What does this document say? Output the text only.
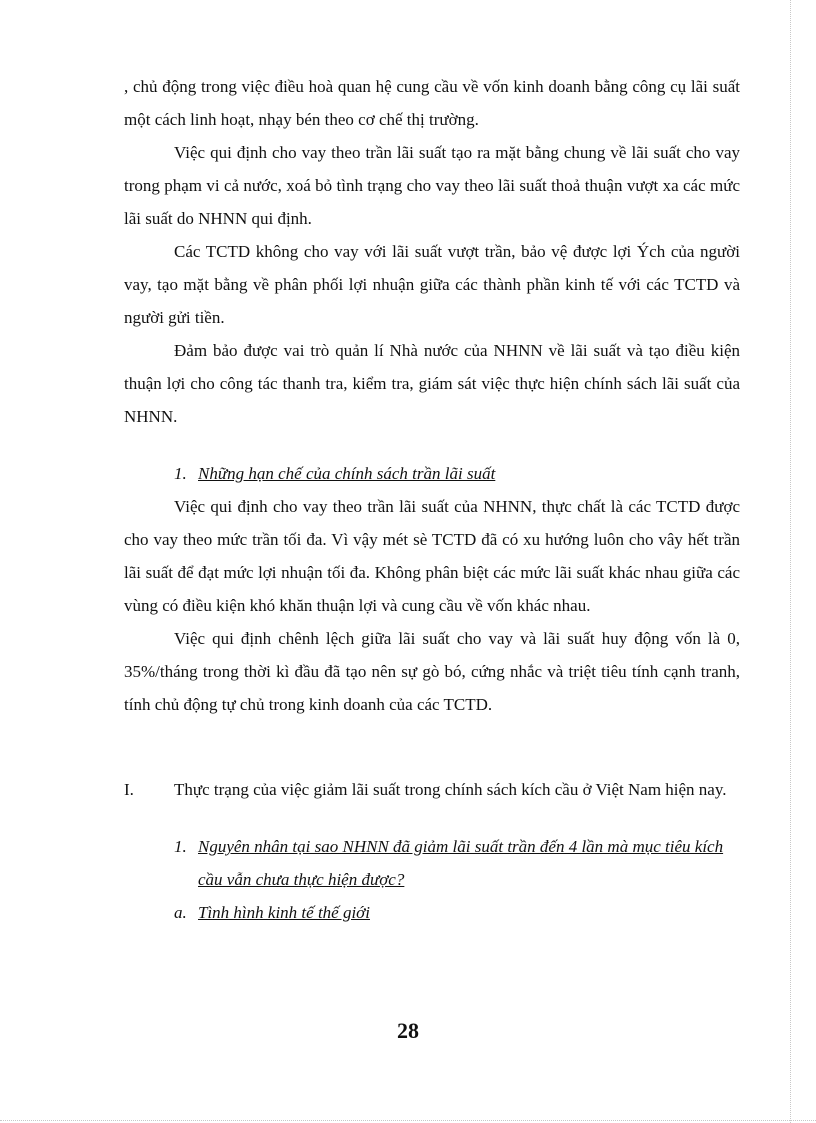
, chủ động trong việc điều hoà quan hệ cung cầu về vốn kinh doanh bằng công cụ lãi suất một cách linh hoạt, nhạy bén theo cơ chế thị trường.

Việc qui định cho vay theo trần lãi suất tạo ra mặt bằng chung về lãi suất cho vay trong phạm vi cả nước, xoá bỏ tình trạng cho vay theo lãi suất thoả thuận vượt xa các mức lãi suất do NHNN qui định.

Các TCTD không cho vay với lãi suất vượt trần, bảo vệ được lợi Ých của người vay, tạo mặt bằng về phân phối lợi nhuận giữa các thành phần kinh tế với các TCTD và người gửi tiền.

Đảm bảo được vai trò quản lí Nhà nước của NHNN về lãi suất và tạo điều kiện thuận lợi cho công tác thanh tra, kiểm tra, giám sát việc thực hiện chính sách lãi suất của NHNN.

1. Những hạn chế của chính sách trần lãi suất

Việc qui định cho vay theo trần lãi suất của NHNN, thực chất là các TCTD được cho vay theo mức trần tối đa. Vì vậy mét sè TCTD đã có xu hướng luôn cho vây hết trần lãi suất để đạt mức lợi nhuận tối đa. Không phân biệt các mức lãi suất khác nhau giữa các vùng có điều kiện khó khăn thuận lợi và cung cầu về vốn khác nhau.

Việc qui định chênh lệch giữa lãi suất cho vay và lãi suất huy động vốn là 0, 35%/tháng trong thời kì đầu đã tạo nên sự gò bó, cứng nhắc và triệt tiêu tính cạnh tranh, tính chủ động tự chủ trong kinh doanh của các TCTD.

I.	Thực trạng của việc giảm lãi suất trong chính sách kích cầu ở Việt Nam hiện nay.
1. Nguyên nhân tại sao NHNN đã giảm lãi suất trần đến 4 lần mà mục tiêu kích cầu vẫn chưa thực hiện được?
a. Tình hình kinh tế thế giới
28
